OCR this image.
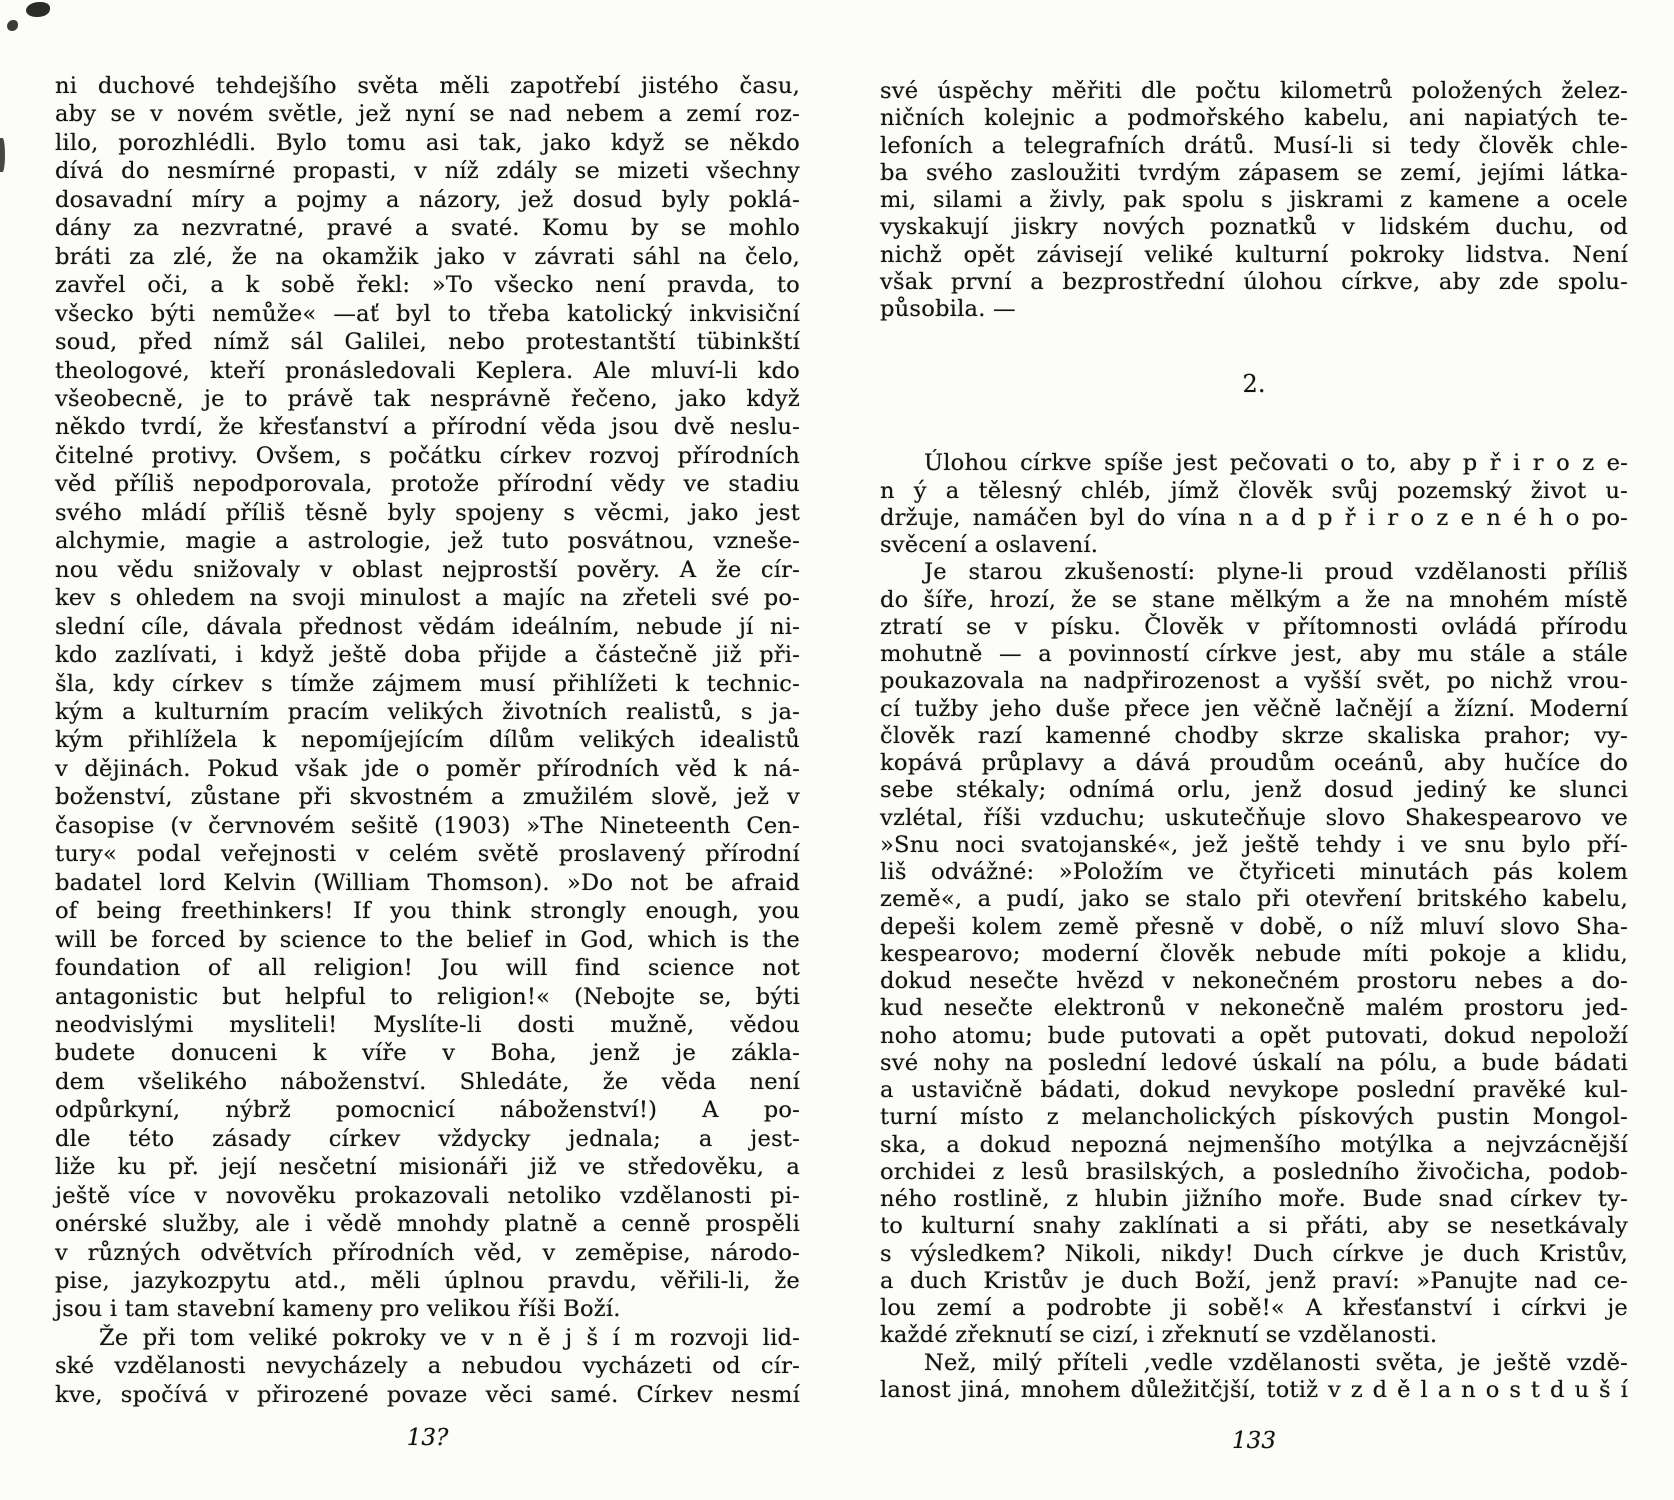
ni duchové tehdejšího světa měli zapotřebí jistého času,
aby se v novém světle, jež nyní se nad nebem a zemí roz-
lilo, porozhlédli. Bylo tomu asi tak, jako když se někdo
dívá do nesmírné propasti, v níž zdály se mizeti všechny
dosavadní míry a pojmy a názory, jež dosud byly poklá-
dány za nezvratné, pravé a svaté. Komu by se mohlo
bráti za zlé, že na okamžik jako v závrati sáhl na čelo,
zavřel oči, a k sobě řekl: »To všecko není pravda, to
všecko býti nemůže« —ať byl to třeba katolický inkvisiční
soud, před nímž sál Galilei, nebo protestantští tübinkští
theologové, kteří pronásledovali Keplera. Ale mluví-li kdo
všeobecně, je to právě tak nesprávně řečeno, jako když
někdo tvrdí, že křesťanství a přírodní věda jsou dvě neslu-
čitelné protivy. Ovšem, s počátku církev rozvoj přírodních
věd příliš nepodporovala, protože přírodní vědy ve stadiu
svého mládí příliš těsně byly spojeny s věcmi, jako jest
alchymie, magie a astrologie, jež tuto posvátnou, vzneše-
nou vědu snižovaly v oblast nejprostší pověry. A že cír-
kev s ohledem na svoji minulost a majíc na zřeteli své po-
slední cíle, dávala přednost vědám ideálním, nebude jí ni-
kdo zazlívati, i když ještě doba přijde a částečně již při-
šla, kdy církev s tímže zájmem musí přihlížeti k technic-
kým a kulturním pracím velikých životních realistů, s ja-
kým přihlížela k nepomíjejícím dílům velikých idealistů
v dějinách. Pokud však jde o poměr přírodních věd k ná-
boženství, zůstane při skvostném a zmužilém slově, jež v
časopise (v červnovém sešitě (1903) »The Nineteenth Cen-
tury« podal veřejnosti v celém světě proslavený přírodní
badatel lord Kelvin (William Thomson). »Do not be afraid
of being freethinkers! If you think strongly enough, you
will be forced by science to the belief in God, which is the
foundation of all religion! Jou will find science not
antagonistic but helpful to religion!« (Nebojte se, býti
neodvislými mysliteli! Myslíte-li dosti mužně, vědou
budete donuceni k víře v Boha, jenž je zákla-
dem všelikého náboženství. Shledáte, že věda není
odpůrkyní, nýbrž pomocnicí náboženství!) A po-
dle této zásady církev vždycky jednala; a jest-
liže ku př. její nesčetní misionáři již ve středověku, a
ještě více v novověku prokazovali netoliko vzdělanosti pi-
onérské služby, ale i vědě mnohdy platně a cenně prospěli
v různých odvětvích přírodních věd, v zeměpise, národo-
pise, jazykozpytu atd., měli úplnou pravdu, věřili-li, že
jsou i tam stavební kameny pro velikou říši Boží.
Že při tom veliké pokroky ve v n ě j š í m rozvoji lid-
ské vzdělanosti nevycházely a nebudou vycházeti od cír-
kve, spočívá v přirozené povaze věci samé. Církev nesmí
své úspěchy měřiti dle počtu kilometrů položených želez-
ničních kolejnic a podmořského kabelu, ani napiatých te-
lefoních a telegrafních drátů. Musí-li si tedy člověk chle-
ba svého zasloužiti tvrdým zápasem se zemí, jejími látka-
mi, silami a živly, pak spolu s jiskrami z kamene a ocele
vyskakují jiskry nových poznatků v lidském duchu, od
nichž opět závisejí veliké kulturní pokroky lidstva. Není
však první a bezprostřední úlohou církve, aby zde spolu-
působila. —
2.
Úlohou církve spíše jest pečovati o to, aby p ř i r o z e-
n ý a tělesný chléb, jímž člověk svůj pozemský život u-
držuje, namáčen byl do vína n a d p ř i r o z e n é h o po-
svěcení a oslavení.
Je starou zkušeností: plyne-li proud vzdělanosti příliš
do šíře, hrozí, že se stane mělkým a že na mnohém místě
ztratí se v písku. Člověk v přítomnosti ovládá přírodu
mohutně — a povinností církve jest, aby mu stále a stále
poukazovala na nadpřirozenost a vyšší svět, po nichž vrou-
cí tužby jeho duše přece jen věčně lačnějí a žízní. Moderní
člověk razí kamenné chodby skrze skaliska prahor; vy-
kopává průplavy a dává proudům oceánů, aby hučíce do
sebe stékaly; odnímá orlu, jenž dosud jediný ke slunci
vzlétal, říši vzduchu; uskutečňuje slovo Shakespearovo ve
»Snu noci svatojanské«, jež ještě tehdy i ve snu bylo pří-
liš odvážné: »Položím ve čtyřiceti minutách pás kolem
země«, a pudí, jako se stalo při otevření britského kabelu,
depeši kolem země přesně v době, o níž mluví slovo Sha-
kespearovo; moderní člověk nebude míti pokoje a klidu,
dokud nesečte hvězd v nekonečném prostoru nebes a do-
kud nesečte elektronů v nekonečně malém prostoru jed-
noho atomu; bude putovati a opět putovati, dokud nepoloží
své nohy na poslední ledové úskalí na pólu, a bude bádati
a ustavičně bádati, dokud nevykope poslední pravěké kul-
turní místo z melancholických pískových pustin Mongol-
ska, a dokud nepozná nejmenšího motýlka a nejvzácnější
orchidei z lesů brasilských, a posledního živočicha, podob-
ného rostlině, z hlubin jižního moře. Bude snad církev ty-
to kulturní snahy zaklínati a si přáti, aby se nesetkávaly
s výsledkem? Nikoli, nikdy! Duch církve je duch Kristův,
a duch Kristův je duch Boží, jenž praví: »Panujte nad ce-
lou zemí a podrobte ji sobě!« A křesťanství i církvi je
každé zřeknutí se cizí, i zřeknutí se vzdělanosti.
Než, milý příteli ,vedle vzdělanosti světa, je ještě vzdě-
lanost jiná, mnohem důležitčjší, totiž v z d ě l a n o s t d u š í
13?	133
